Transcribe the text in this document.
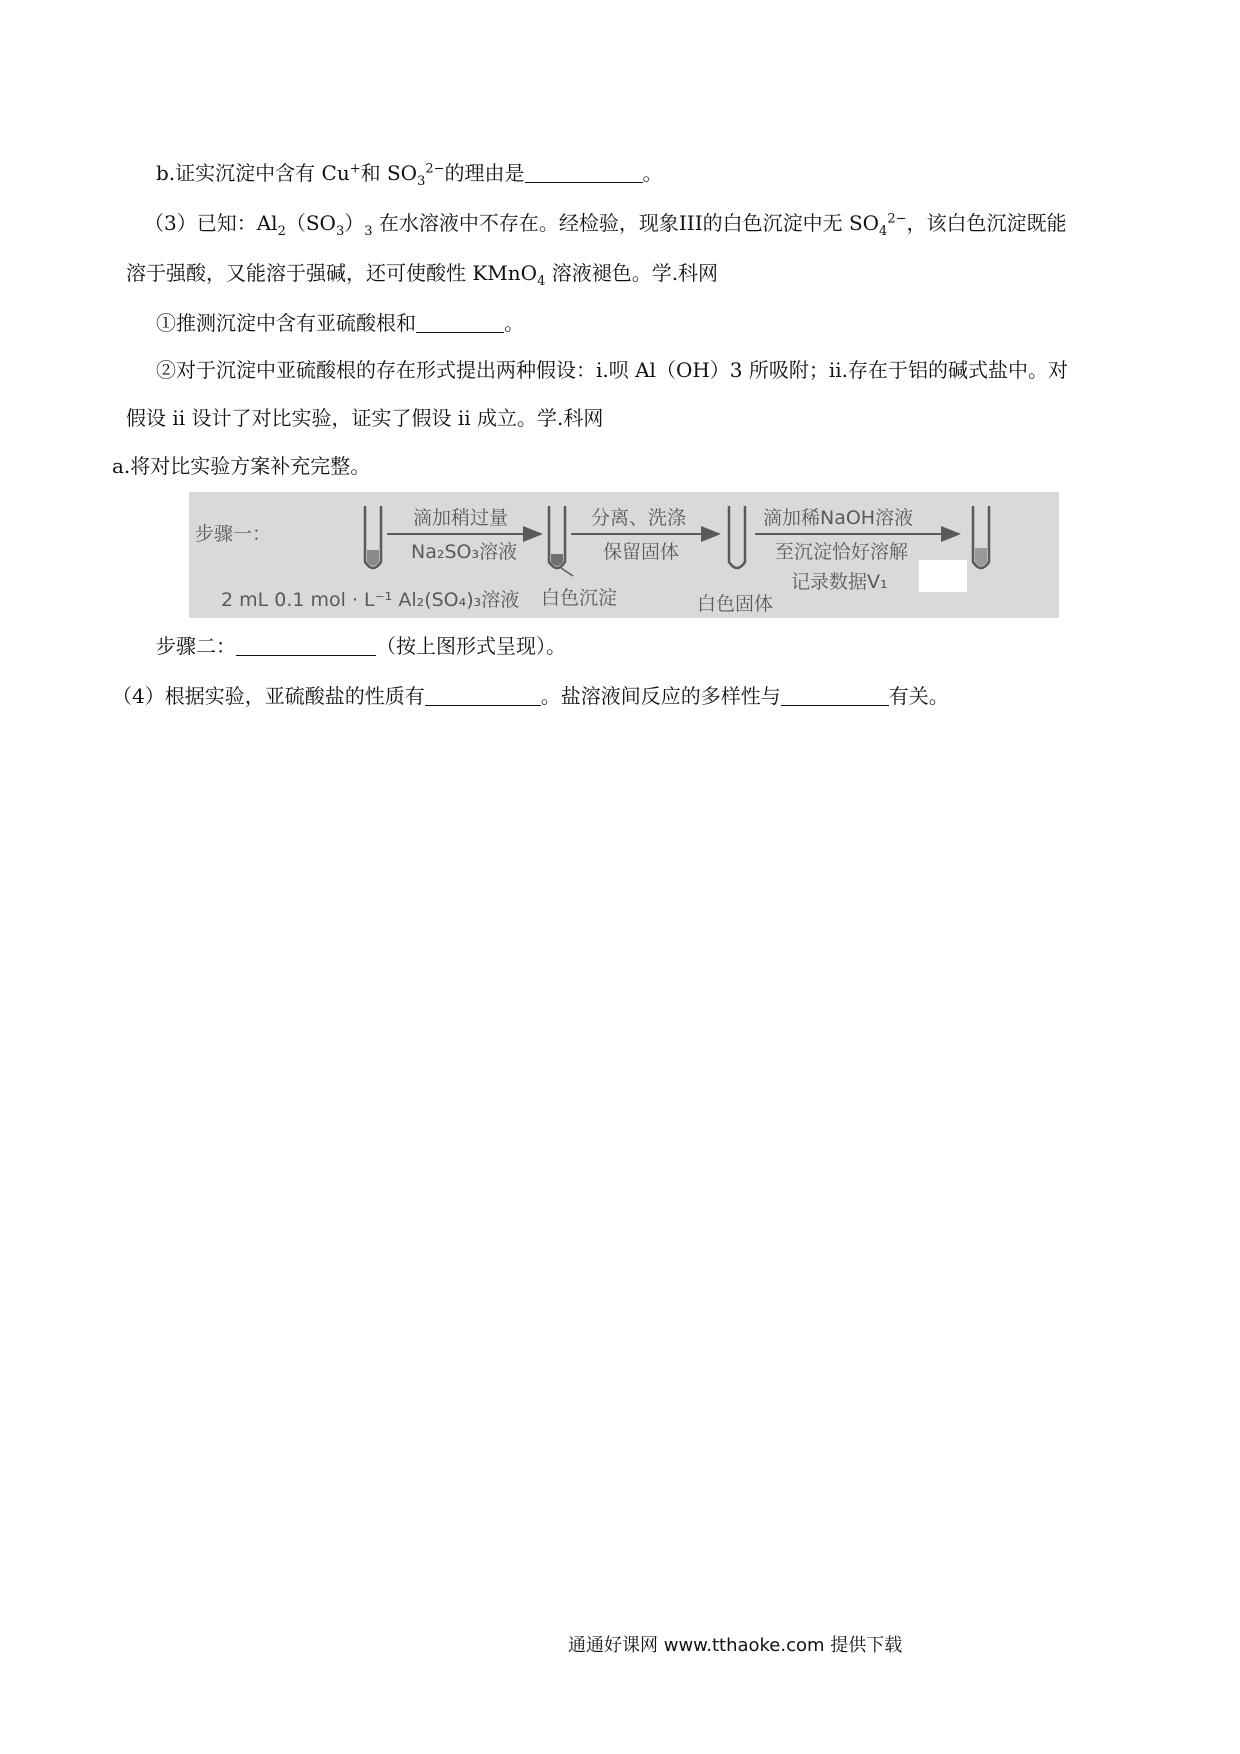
b.证实沉淀中含有 Cu+和 $SO_3^{2-}$的理由是	。
（3）已知：$Al_2(SO_3)_3$ 在水溶液中不存在。经检验，现象III的白色沉淀中无 $SO_4^{2-}$，该白色沉淀既能
溶于强酸，又能溶于强碱，还可使酸性 KMnO$_4$ 溶液褪色。学.科网
①推测沉淀中含有亚硫酸根和	。
②对于沉淀中亚硫酸根的存在形式提出两种假设：i.呗 Al（OH）3 所吸附；ii.存在于铝的碱式盐中。对
假设 ii 设计了对比实验，证实了假设 ii 成立。学.科网
a.将对比实验方案补充完整。
步骤一：
滴加稍过量
Na₂SO₃溶液
分离、洗涤
保留固体
滴加稀NaOH溶液
至沉淀恰好溶解
记录数据V₁
2 mL 0.1 mol · L⁻¹ Al₂(SO₄)₃溶液 白色沉淀	白色固体
步骤二：	（按上图形式呈现）。
（4）根据实验，亚硫酸盐的性质有	。盐溶液间反应的多样性与	有关。
通通好课网 www.tthaoke.com 提供下载
